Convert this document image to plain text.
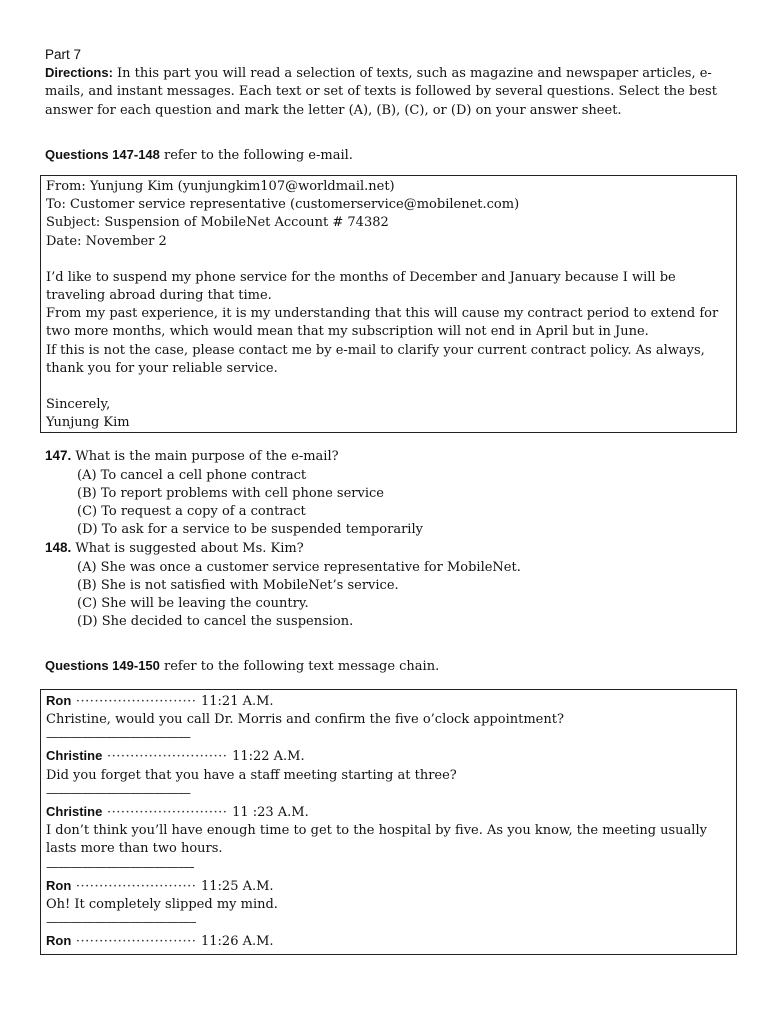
Part 7

Directions: In this part you will read a selection of texts, such as magazine and newspaper articles, e-mails, and instant messages. Each text or set of texts is followed by several questions. Select the best answer for each question and mark the letter (A), (B), (C), or (D) on your answer sheet.

Questions 147-148 refer to the following e-mail.

From: Yunjung Kim (yunjungkim107@worldmail.net)

To: Customer service representative (customerservice@mobilenet.com)

Subject: Suspension of MobileNet Account # 74382

Date: November 2

I’d like to suspend my phone service for the months of December and January because I will be traveling abroad during that time.

From my past experience, it is my understanding that this will cause my contract period to extend for two more months, which would mean that my subscription will not end in April but in June.

If this is not the case, please contact me by e-mail to clarify your current contract policy. As always, thank you for your reliable service.

Sincerely,

Yunjung Kim

147. What is the main purpose of the e-mail?

(A) To cancel a cell phone contract

(B) To report problems with cell phone service

(C) To request a copy of a contract

(D) To ask for a service to be suspended temporarily

148. What is suggested about Ms. Kim?

(A) She was once a customer service representative for MobileNet.

(B) She is not satisfied with MobileNet’s service.

(C) She will be leaving the country.

(D) She decided to cancel the suspension.

Questions 149-150 refer to the following text message chain.

Ron ·························· 11:21 A.M.

Christine, would you call Dr. Morris and confirm the five o’clock appointment?

————————————

Christine ·························· 11:22 A.M.

Did you forget that you have a staff meeting starting at three?

————————————

Christine ·························· 11 :23 A.M.

I don’t think you’ll have enough time to get to the hospital by five. As you know, the meeting usually lasts more than two hours.

————————————-

Ron ·························· 11:25 A.M.

Oh! It completely slipped my mind.

————————————–

Ron ·························· 11:26 A.M.
